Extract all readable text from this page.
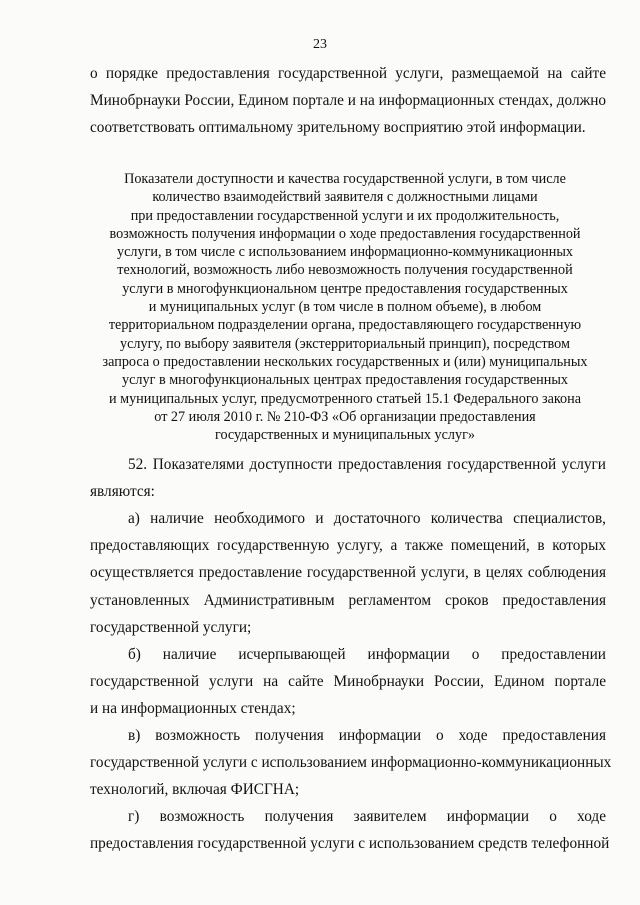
23
о порядке предоставления государственной услуги, размещаемой на сайте
Минобрнауки России, Едином портале и на информационных стендах, должно
соответствовать оптимальному зрительному восприятию этой информации.
Показатели доступности и качества государственной услуги, в том числе
количество взаимодействий заявителя с должностными лицами
при предоставлении государственной услуги и их продолжительность,
возможность получения информации о ходе предоставления государственной
услуги, в том числе с использованием информационно-коммуникационных
технологий, возможность либо невозможность получения государственной
услуги в многофункциональном центре предоставления государственных
и муниципальных услуг (в том числе в полном объеме), в любом
территориальном подразделении органа, предоставляющего государственную
услугу, по выбору заявителя (экстерриториальный принцип), посредством
запроса о предоставлении нескольких государственных и (или) муниципальных
услуг в многофункциональных центрах предоставления государственных
и муниципальных услуг, предусмотренного статьей 15.1 Федерального закона
от 27 июля 2010 г. № 210-ФЗ «Об организации предоставления
государственных и муниципальных услуг»
52. Показателями доступности предоставления государственной услуги
являются:
а) наличие необходимого и достаточного количества специалистов,
предоставляющих государственную услугу, а также помещений, в которых
осуществляется предоставление государственной услуги, в целях соблюдения
установленных Административным регламентом сроков предоставления
государственной услуги;
б) наличие исчерпывающей информации о предоставлении
государственной услуги на сайте Минобрнауки России, Едином портале
и на информационных стендах;
в) возможность получения информации о ходе предоставления
государственной услуги с использованием информационно-коммуникационных
технологий, включая ФИСГНА;
г) возможность получения заявителем информации о ходе
предоставления государственной услуги с использованием средств телефонной
